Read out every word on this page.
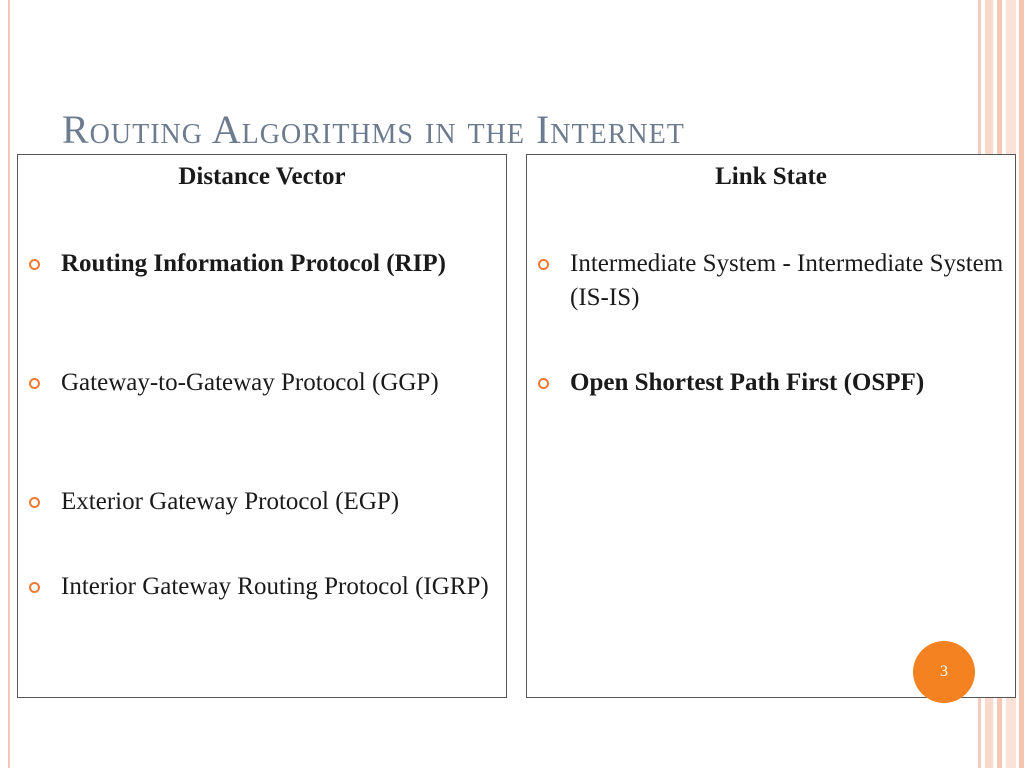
Routing Algorithms in the Internet
Distance Vector
Routing Information Protocol (RIP)
Gateway-to-Gateway Protocol (GGP)
Exterior Gateway Protocol (EGP)
Interior Gateway Routing Protocol (IGRP)
Link State
Intermediate System - Intermediate System (IS-IS)
Open Shortest Path First (OSPF)
3
